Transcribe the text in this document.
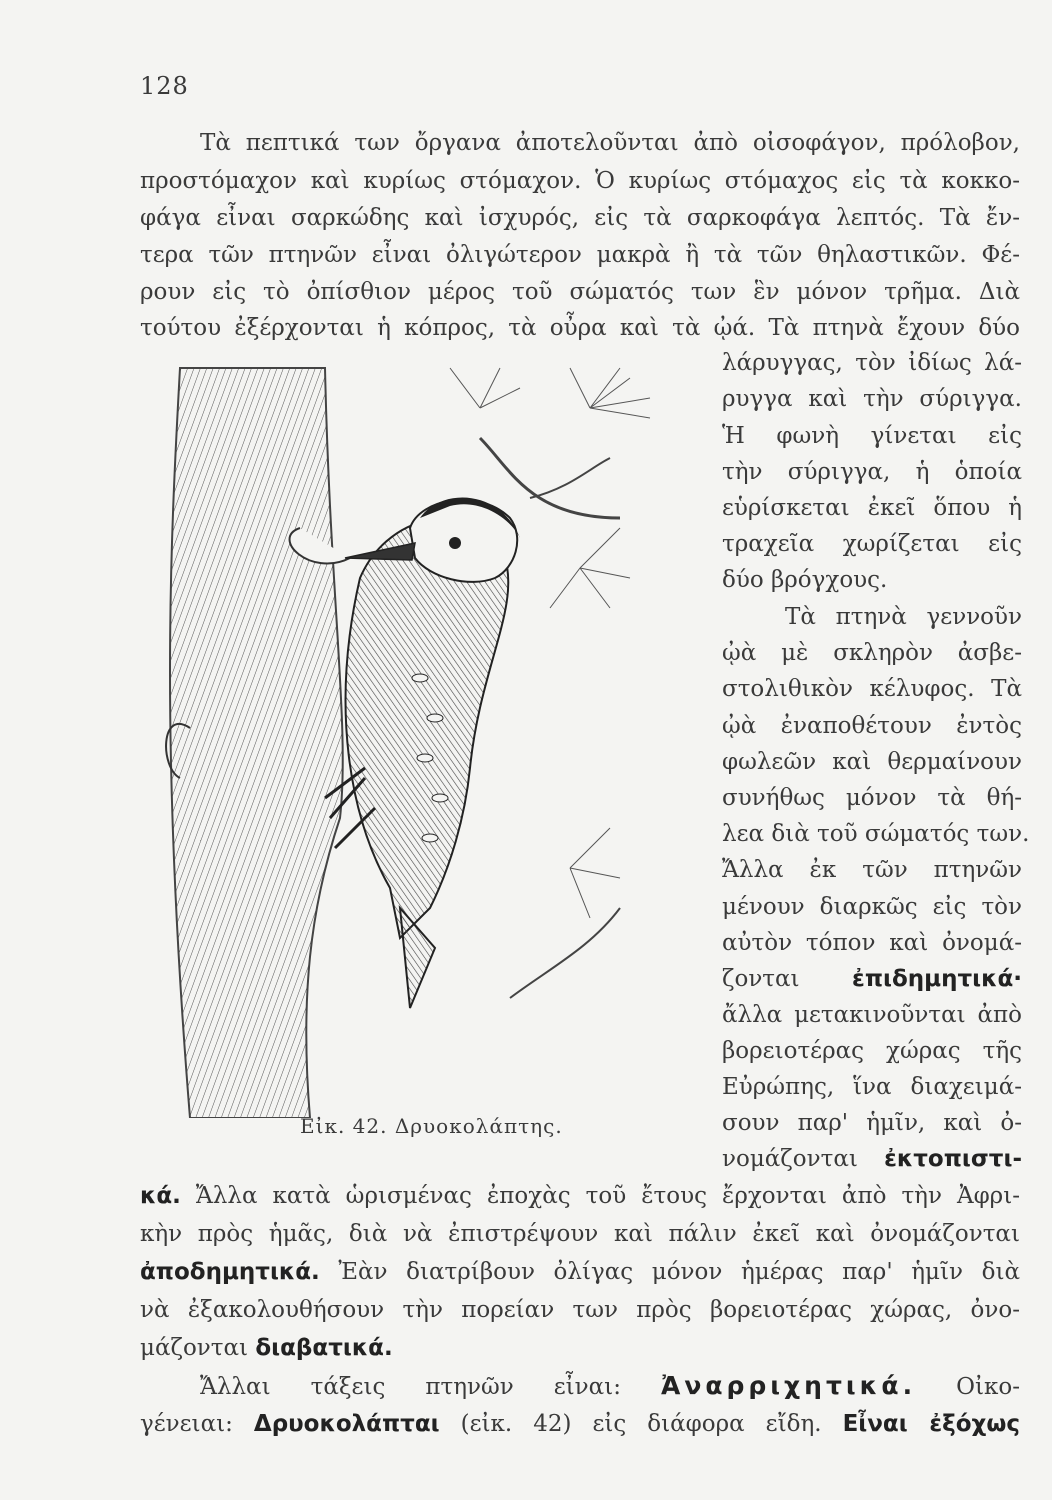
128
Τὰ πεπτικά των ὄργανα ἀποτελοῦνται ἀπὸ οἰσοφάγον, πρόλοβον,
προστόμαχον καὶ κυρίως στόμαχον. Ὁ κυρίως στόμαχος εἰς τὰ κοκκο-
φάγα εἶναι σαρκώδης καὶ ἰσχυρός, εἰς τὰ σαρκοφάγα λεπτός. Τὰ ἔν-
τερα τῶν πτηνῶν εἶναι ὀλιγώτερον μακρὰ ἢ τὰ τῶν θηλαστικῶν. Φέ-
ρουν εἰς τὸ ὀπίσθιον μέρος τοῦ σώματός των ἓν μόνον τρῆμα. Διὰ
τούτου ἐξέρχονται ἡ κόπρος, τὰ οὖρα καὶ τὰ ᾠά. Τὰ πτηνὰ ἔχουν δύο
λάρυγγας, τὸν ἰδίως λά-
ρυγγα καὶ τὴν σύριγγα.
Ἡ φωνὴ γίνεται εἰς
τὴν σύριγγα, ἡ ὁποία
εὑρίσκεται ἐκεῖ ὅπου ἡ
τραχεῖα χωρίζεται εἰς
δύο βρόγχους.
Τὰ πτηνὰ γεννοῦν
ᾠὰ μὲ σκληρὸν ἀσβε-
στολιθικὸν κέλυφος. Τὰ
ᾠὰ ἐναποθέτουν ἐντὸς
φωλεῶν καὶ θερμαίνουν
συνήθως μόνον τὰ θή-
λεα διὰ τοῦ σώματός των.
Ἄλλα ἐκ τῶν πτηνῶν
μένουν διαρκῶς εἰς τὸν
αὐτὸν τόπον καὶ ὀνομά-
ζονται ἐπιδημητικά·
ἄλλα μετακινοῦνται ἀπὸ
βορειοτέρας χώρας τῆς
Εὐρώπης, ἵνα διαχειμά-
σουν παρ' ἡμῖν, καὶ ὀ-
νομάζονται ἐκτοπιστι-
κά. Ἄλλα κατὰ ὡρισμένας ἐποχὰς τοῦ ἔτους ἔρχονται ἀπὸ τὴν Ἀφρι-
κὴν πρὸς ἡμᾶς, διὰ νὰ ἐπιστρέψουν καὶ πάλιν ἐκεῖ καὶ ὀνομάζονται
ἀποδημητικά. Ἐὰν διατρίβουν ὀλίγας μόνον ἡμέρας παρ' ἡμῖν διὰ
νὰ ἐξακολουθήσουν τὴν πορείαν των πρὸς βορειοτέρας χώρας, ὀνο-
μάζονται διαβατικά.
Ἄλλαι τάξεις πτηνῶν εἶναι: Ἀναρριχητικά. Οἰκο-
γένειαι: Δρυοκολάπται (εἰκ. 42) εἰς διάφορα εἴδη. Εἶναι ἐξόχως
Εἰκ. 42. Δρυοκολάπτης.
